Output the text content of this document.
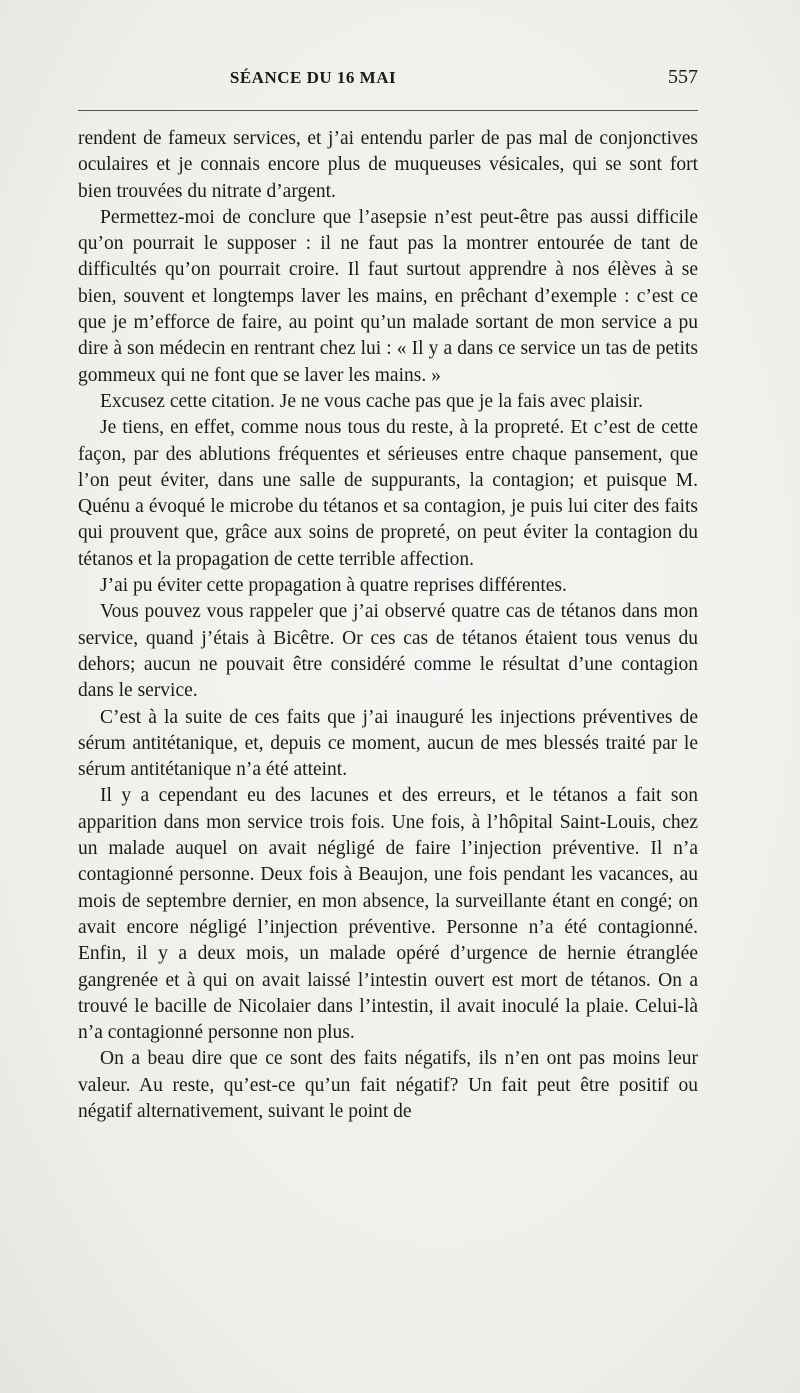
SÉANCE DU 16 MAI	557

rendent de fameux services, et j’ai entendu parler de pas mal de conjonctives oculaires et je connais encore plus de muqueuses vésicales, qui se sont fort bien trouvées du nitrate d’argent.

Permettez-moi de conclure que l’asepsie n’est peut-être pas aussi difficile qu’on pourrait le supposer : il ne faut pas la montrer entourée de tant de difficultés qu’on pourrait croire. Il faut surtout apprendre à nos élèves à se bien, souvent et longtemps laver les mains, en prêchant d’exemple : c’est ce que je m’efforce de faire, au point qu’un malade sortant de mon service a pu dire à son médecin en rentrant chez lui : « Il y a dans ce service un tas de petits gommeux qui ne font que se laver les mains. »

Excusez cette citation. Je ne vous cache pas que je la fais avec plaisir.

Je tiens, en effet, comme nous tous du reste, à la propreté. Et c’est de cette façon, par des ablutions fréquentes et sérieuses entre chaque pansement, que l’on peut éviter, dans une salle de suppurants, la contagion; et puisque M. Quénu a évoqué le microbe du tétanos et sa contagion, je puis lui citer des faits qui prouvent que, grâce aux soins de propreté, on peut éviter la contagion du tétanos et la propagation de cette terrible affection.

J’ai pu éviter cette propagation à quatre reprises différentes.

Vous pouvez vous rappeler que j’ai observé quatre cas de tétanos dans mon service, quand j’étais à Bicêtre. Or ces cas de tétanos étaient tous venus du dehors; aucun ne pouvait être considéré comme le résultat d’une contagion dans le service.

C’est à la suite de ces faits que j’ai inauguré les injections préventives de sérum antitétanique, et, depuis ce moment, aucun de mes blessés traité par le sérum antitétanique n’a été atteint.

Il y a cependant eu des lacunes et des erreurs, et le tétanos a fait son apparition dans mon service trois fois. Une fois, à l’hôpital Saint-Louis, chez un malade auquel on avait négligé de faire l’injection préventive. Il n’a contagionné personne. Deux fois à Beaujon, une fois pendant les vacances, au mois de septembre dernier, en mon absence, la surveillante étant en congé; on avait encore négligé l’injection préventive. Personne n’a été contagionné. Enfin, il y a deux mois, un malade opéré d’urgence de hernie étranglée gangrenée et à qui on avait laissé l’intestin ouvert est mort de tétanos. On a trouvé le bacille de Nicolaier dans l’intestin, il avait inoculé la plaie. Celui-là n’a contagionné personne non plus.

On a beau dire que ce sont des faits négatifs, ils n’en ont pas moins leur valeur. Au reste, qu’est-ce qu’un fait négatif? Un fait peut être positif ou négatif alternativement, suivant le point de
